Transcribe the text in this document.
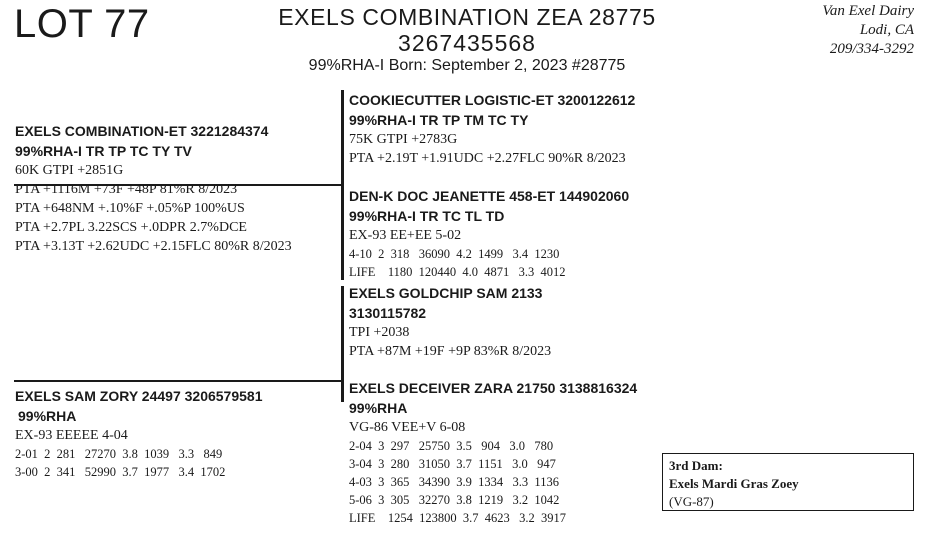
LOT 77	EXELS COMBINATION ZEA 28775
3267435568
99%RHA-I Born: September 2, 2023 #28775
Van Exel Dairy
Lodi, CA
209/334-3292
EXELS COMBINATION-ET 3221284374
99%RHA-I TR TP TC TY TV
60K GTPI +2851G
PTA +1116M +73F +48P 81%R 8/2023
PTA +648NM +.10%F +.05%P 100%US
PTA +2.7PL 3.22SCS +.0DPR 2.7%DCE
PTA +3.13T +2.62UDC +2.15FLC 80%R 8/2023
COOKIECUTTER LOGISTIC-ET 3200122612
99%RHA-I TR TP TM TC TY
75K GTPI +2783G
PTA +2.19T +1.91UDC +2.27FLC 90%R 8/2023
DEN-K DOC JEANETTE 458-ET 144902060
99%RHA-I TR TC TL TD
EX-93 EE+EE 5-02
4-10  2  318   36090  4.2  1499   3.4  1230
LIFE    1180  120440  4.0  4871   3.3  4012
EXELS GOLDCHIP SAM 2133
3130115782
TPI +2038
PTA +87M +19F +9P 83%R 8/2023
EXELS SAM ZORY 24497 3206579581
99%RHA
EX-93 EEEEE 4-04
2-01  2  281   27270  3.8  1039   3.3   849
3-00  2  341   52990  3.7  1977   3.4  1702
EXELS DECEIVER ZARA 21750 3138816324
99%RHA
VG-86 VEE+V 6-08
2-04  3  297   25750  3.5   904   3.0   780
3-04  3  280   31050  3.7  1151   3.0   947
4-03  3  365   34390  3.9  1334   3.3  1136
5-06  3  305   32270  3.8  1219   3.2  1042
LIFE    1254  123800  3.7  4623   3.2  3917
3rd Dam:
Exels Mardi Gras Zoey
(VG-87)
